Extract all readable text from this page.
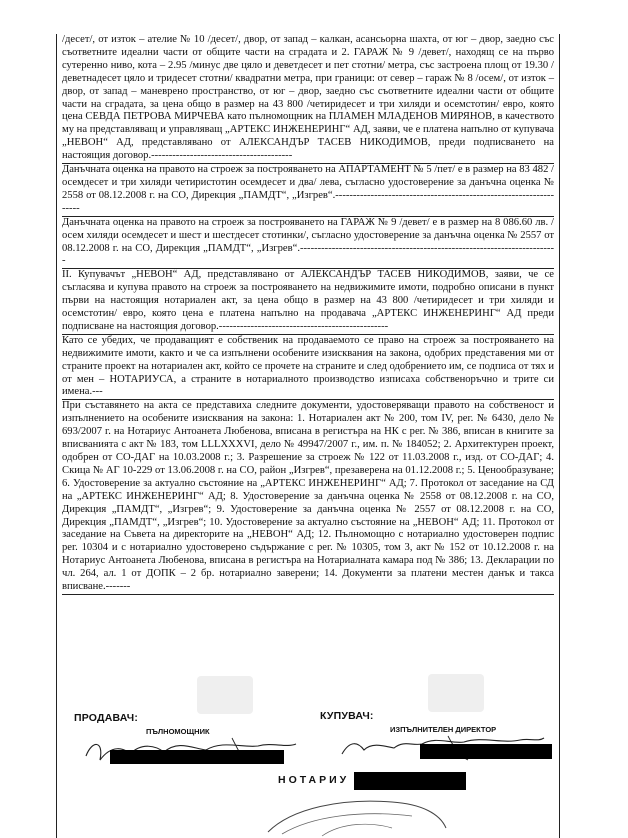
/десет/, от изток – ателие № 10 /десет/, двор, от запад – калкан, асансьорна шахта, от юг – двор, заедно със съответните идеални части от общите части на сградата и 2. ГАРАЖ № 9 /девет/, находящ се на първо сутеренно ниво, кота – 2.95 /минус две цяло и деветдесет и пет стотни/ метра, със застроена площ от 19.30 /деветнадесет цяло и тридесет стотни/ квадратни метра, при граници: от север – гараж № 8 /осем/, от изток – двор, от запад – маневрено пространство, от юг – двор, заедно със съответните идеални части от общите части на сградата, за цена общо в размер на 43 800 /четиридесет и три хиляди и осемстотин/ евро, която цена СЕВДА ПЕТРОВА МИРЧЕВА като пълномощник на ПЛАМЕН МЛАДЕНОВ МИРЯНОВ, в качеството му на представляващ и управляващ „АРТЕКС ИНЖЕНЕРИНГ“ АД, заяви, че е платена напълно от купувача „НЕВОН“ АД, представлявано от АЛЕКСАНДЪР ТАСЕВ НИКОДИМОВ, преди подписването на настоящия договор.----------------------------------------

Данъчната оценка на правото на строеж за построяването на АПАРТАМЕНТ № 5 /пет/ е в размер на 83 482 /осемдесет и три хиляди четиристотин осемдесет и два/ лева, съгласно удостоверение за данъчна оценка № 2558 от 08.12.2008 г. на СО, Дирекция „ПАМДТ“, „Изгрев“.-------------------------------------------------------------------

Данъчната оценка на правото на строеж за построяването на ГАРАЖ № 9 /девет/ е в размер на 8 086.60 лв. /осем хиляди осемдесет и шест и шестдесет стотинки/, съгласно удостоверение за данъчна оценка № 2557 от 08.12.2008 г. на СО, Дирекция „ПАМДТ“, „Изгрев“.-------------------------------------------------------------------------

II. Купувачът „НЕВОН“ АД, представлявано от АЛЕКСАНДЪР ТАСЕВ НИКОДИМОВ, заяви, че се съгласява и купува правото на строеж за построяването на недвижимите имоти, подробно описани в пункт първи на настоящия нотариален акт, за цена общо в размер на 43 800 /четиридесет и три хиляди и осемстотин/ евро, която цена е платена напълно на продавача „АРТЕКС ИНЖЕНЕРИНГ“ АД преди подписване на настоящия договор.------------------------------------------------

Като се убедих, че продаващият е собственик на продаваемото се право на строеж за построяването на недвижимите имоти, както и че са изпълнени особените изисквания на закона, одобрих представения ми от страните проект на нотариален акт, който се прочете на страните и след одобрението им, се подписа от тях и от мен – НОТАРИУСА, а страните в нотариалното производство изписаха собственоръчно и трите си имена.---

При съставянето на акта се представиха следните документи, удостоверяващи правото на собственост и изпълнението на особените изисквания на закона: 1. Нотариален акт № 200, том IV, рег. № 6430, дело № 693/2007 г. на Нотариус Антоанета Любенова, вписана в регистъра на НК с рег. № 386, вписан в книгите за вписванията с акт № 183, том LLLXXXVI, дело № 49947/2007 г., им. п. № 184052; 2. Архитектурен проект, одобрен от СО-ДАГ на 10.03.2008 г.; 3. Разрешение за строеж № 122 от 11.03.2008 г., изд. от СО-ДАГ; 4. Скица № АГ 10-229 от 13.06.2008 г. на СО, район „Изгрев“, презаверена на 01.12.2008 г.; 5. Ценообразуване; 6. Удостоверение за актуално състояние на „АРТЕКС ИНЖЕНЕРИНГ“ АД; 7. Протокол от заседание на СД на „АРТЕКС ИНЖЕНЕРИНГ“ АД; 8. Удостоверение за данъчна оценка № 2558 от 08.12.2008 г. на СО, Дирекция „ПАМДТ“, „Изгрев“; 9. Удостоверение за данъчна оценка № 2557 от 08.12.2008 г. на СО, Дирекция „ПАМДТ“, „Изгрев“; 10. Удостоверение за актуално състояние на „НЕВОН“ АД; 11. Протокол от заседание на Съвета на директорите на „НЕВОН“ АД; 12. Пълномощно с нотариално удостоверен подпис рег. 10304 и с нотариално удостоверено съдържание с рег. № 10305, том 3, акт № 152 от 10.12.2008 г. на Нотариус Антоанета Любенова, вписана в регистъра на Нотариалната камара под № 386; 13. Декларации по чл. 264, ал. 1 от ДОПК – 2 бр. нотариално заверени; 14. Документи за платени местен данък и такса вписване.-------

ПРОДАВАЧ:
ПЪЛНОМОЩНИК
КУПУВАЧ:
ИЗПЪЛНИТЕЛЕН ДИРЕКТОР
НОТАРИУ
